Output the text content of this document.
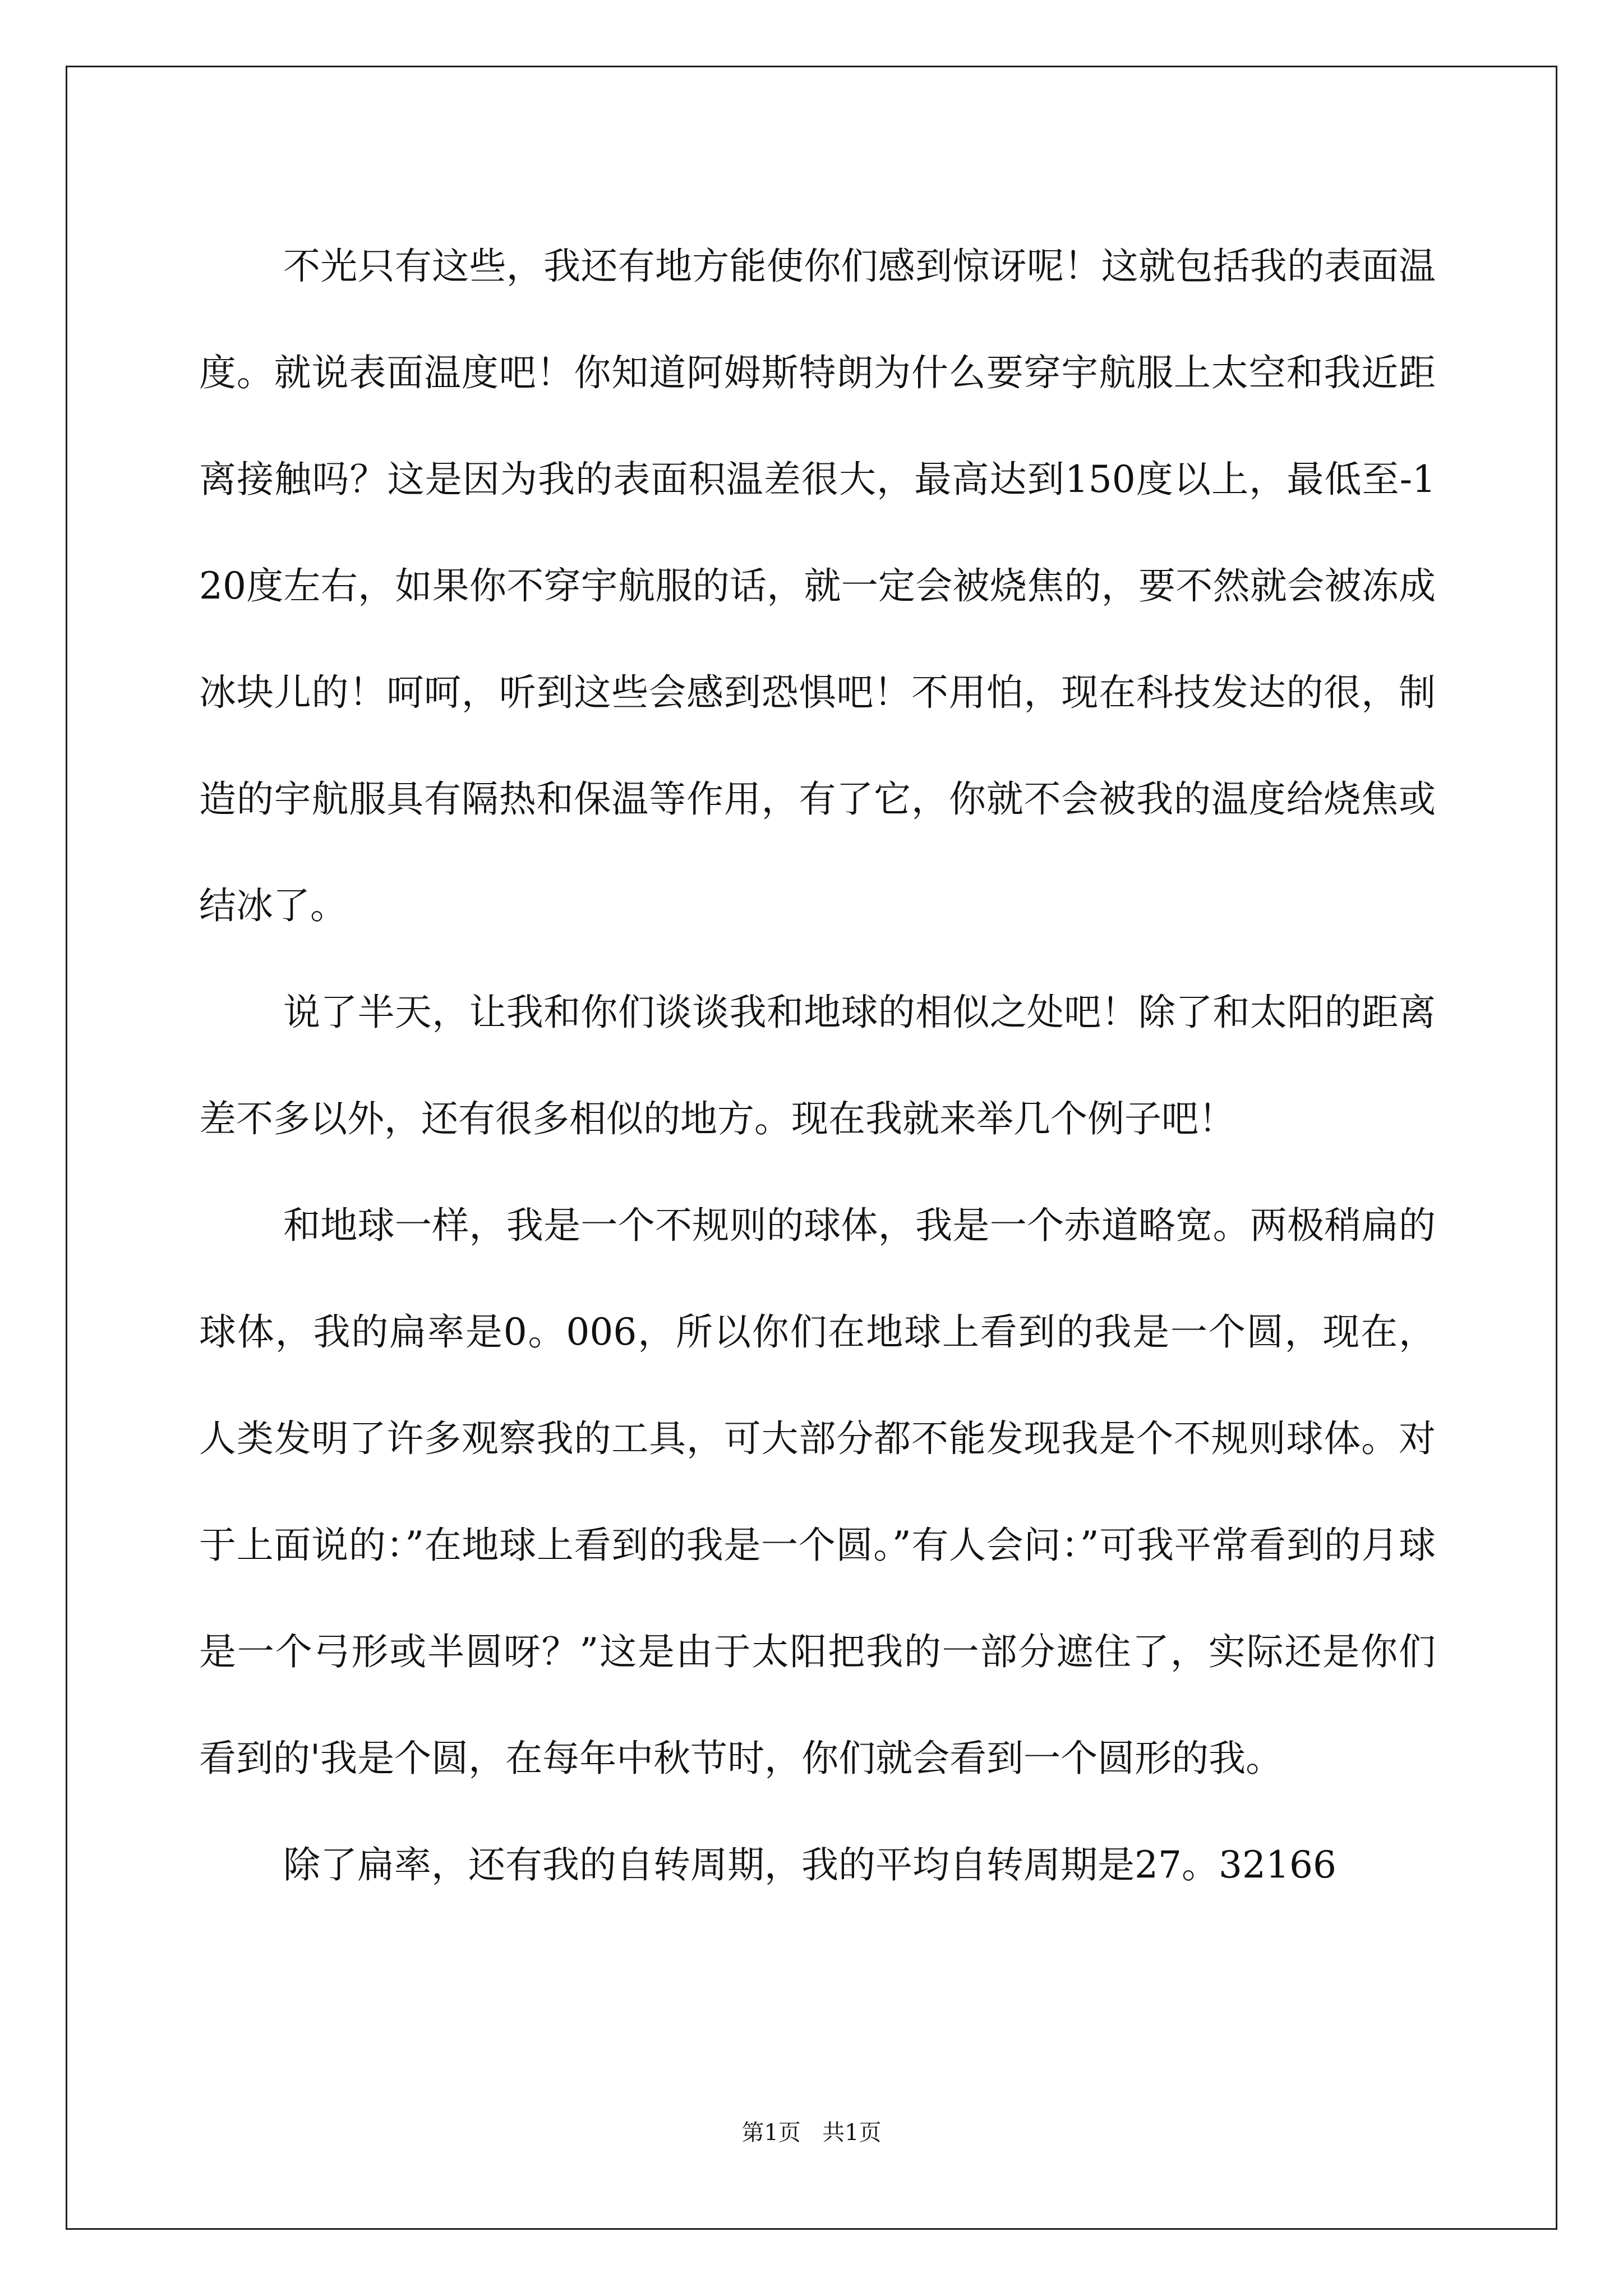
不光只有这些，我还有地方能使你们感到惊讶呢！这就包括我的表面温度。就说表面温度吧！你知道阿姆斯特朗为什么要穿宇航服上太空和我近距离接触吗？这是因为我的表面积温差很大，最高达到150度以上，最低至-120度左右，如果你不穿宇航服的话，就一定会被烧焦的，要不然就会被冻成冰块儿的！呵呵，听到这些会感到恐惧吧！不用怕，现在科技发达的很，制造的宇航服具有隔热和保温等作用，有了它，你就不会被我的温度给烧焦或结冰了。

说了半天，让我和你们谈谈我和地球的相似之处吧！除了和太阳的距离差不多以外，还有很多相似的地方。现在我就来举几个例子吧！

和地球一样，我是一个不规则的球体，我是一个赤道略宽。两极稍扁的球体，我的扁率是0。006，所以你们在地球上看到的我是一个圆，现在，人类发明了许多观察我的工具，可大部分都不能发现我是个不规则球体。对于上面说的：”在地球上看到的我是一个圆。”有人会问：”可我平常看到的月球是一个弓形或半圆呀？”这是由于太阳把我的一部分遮住了，实际还是你们看到的'我是个圆，在每年中秋节时，你们就会看到一个圆形的我。

除了扁率，还有我的自转周期，我的平均自转周期是27。32166

第1页 共1页
